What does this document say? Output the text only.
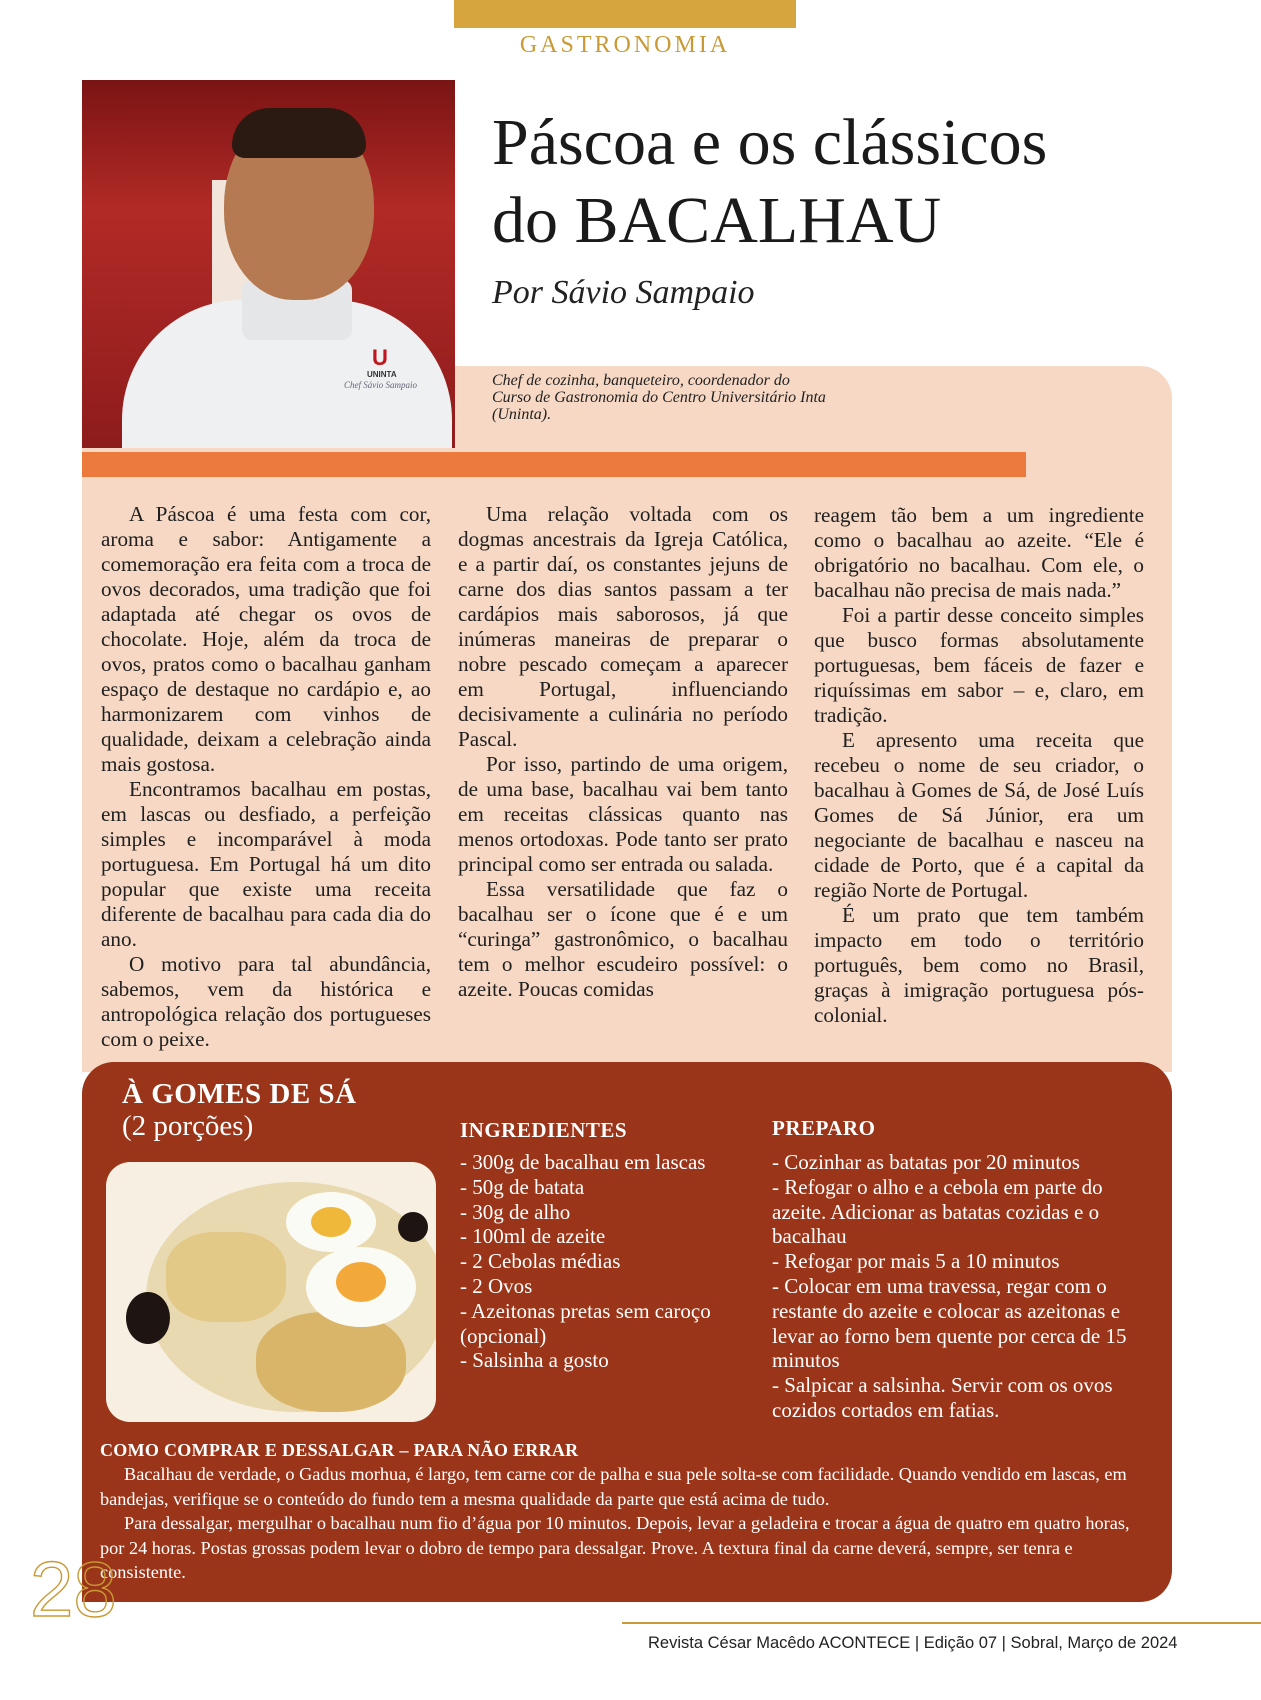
GASTRONOMIA
U
UNINTA
Chef Sávio Sampaio
Páscoa e os clássicos
do BACALHAU
Por Sávio Sampaio
Chef de cozinha, banqueteiro, coordenador do Curso de Gastronomia do Centro Universitário Inta (Uninta).

A Páscoa é uma festa com cor, aroma e sabor: Antigamente a comemoração era feita com a troca de ovos decorados, uma tradição que foi adaptada até chegar os ovos de chocolate. Hoje, além da troca de ovos, pratos como o bacalhau ganham espaço de destaque no cardápio e, ao harmonizarem com vinhos de qualidade, deixam a celebração ainda mais gostosa.

Encontramos bacalhau em postas, em lascas ou desfiado, a perfeição simples e incomparável à moda portuguesa. Em Portugal há um dito popular que existe uma receita diferente de bacalhau para cada dia do ano.

O motivo para tal abundância, sabemos, vem da histórica e antropológica relação dos portugueses com o peixe.

Uma relação voltada com os dogmas ancestrais da Igreja Católica, e a partir daí, os constantes jejuns de carne dos dias santos passam a ter cardápios mais saborosos, já que inúmeras maneiras de preparar o nobre pescado começam a aparecer em Portugal, influenciando decisivamente a culinária no período Pascal.

Por isso, partindo de uma origem, de uma base, bacalhau vai bem tanto em receitas clássicas quanto nas menos ortodoxas. Pode tanto ser prato principal como ser entrada ou salada.

Essa versatilidade que faz o bacalhau ser o ícone que é e um “curinga” gastronômico, o bacalhau tem o melhor escudeiro possível: o azeite. Poucas comidas

reagem tão bem a um ingrediente como o bacalhau ao azeite. “Ele é obrigatório no bacalhau. Com ele, o bacalhau não precisa de mais nada.”

Foi a partir desse conceito simples que busco formas absolutamente portuguesas, bem fáceis de fazer e riquíssimas em sabor – e, claro, em tradição.

E apresento uma receita que recebeu o nome de seu criador, o bacalhau à Gomes de Sá, de José Luís Gomes de Sá Júnior, era um negociante de bacalhau e nasceu na cidade de Porto, que é a capital da região Norte de Portugal.

É um prato que tem também impacto em todo o território português, bem como no Brasil, graças à imigração portuguesa pós-colonial.

À GOMES DE SÁ
(2 porções)	INGREDIENTES
- 300g de bacalhau em lascas
- 50g de batata
- 30g de alho
- 100ml de azeite
- 2 Cebolas médias
- 2 Ovos
- Azeitonas pretas sem caroço (opcional)
- Salsinha a gosto
PREPARO
- Cozinhar as batatas por 20 minutos
- Refogar o alho e a cebola em parte do azeite. Adicionar as batatas cozidas e o bacalhau
- Refogar por mais 5 a 10 minutos
- Colocar em uma travessa, regar com o restante do azeite e colocar as azeitonas e levar ao forno bem quente por cerca de 15 minutos
- Salpicar a salsinha. Servir com os ovos cozidos cortados em fatias.
COMO COMPRAR E DESSALGAR – PARA NÃO ERRAR

Bacalhau de verdade, o Gadus morhua, é largo, tem carne cor de palha e sua pele solta-se com facilidade. Quando vendido em lascas, em bandejas, verifique se o conteúdo do fundo tem a mesma qualidade da parte que está acima de tudo.

Para dessalgar, mergulhar o bacalhau num fio d’água por 10 minutos. Depois, levar a geladeira e trocar a água de quatro em quatro horas, por 24 horas. Postas grossas podem levar o dobro de tempo para dessalgar. Prove. A textura final da carne deverá, sempre, ser tenra e consistente.

28
Revista César Macêdo ACONTECE | Edição 07 | Sobral, Março de 2024
